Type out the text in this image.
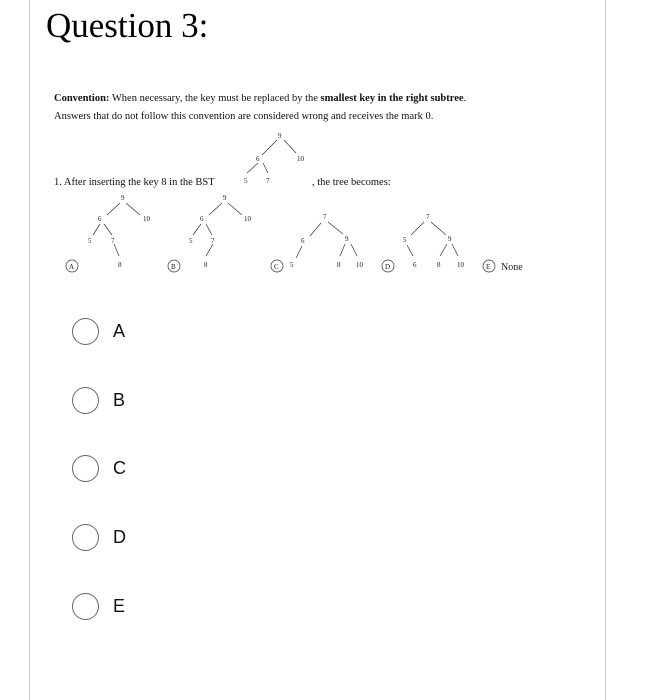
Question 3:
Convention: When necessary, the key must be replaced by the smallest key in the right subtree.
Answers that do not follow this convention are considered wrong and receives the mark 0.
1. After inserting the key 8 in the BST	, the tree becomes:
9
6	10
5	7
9
6	10
5	7
8
A
9
6	10
5	7
8
B
7
6	9
5	8 10
C
7
5	9
6	8 10
D	E None
A
B
C
D
E
